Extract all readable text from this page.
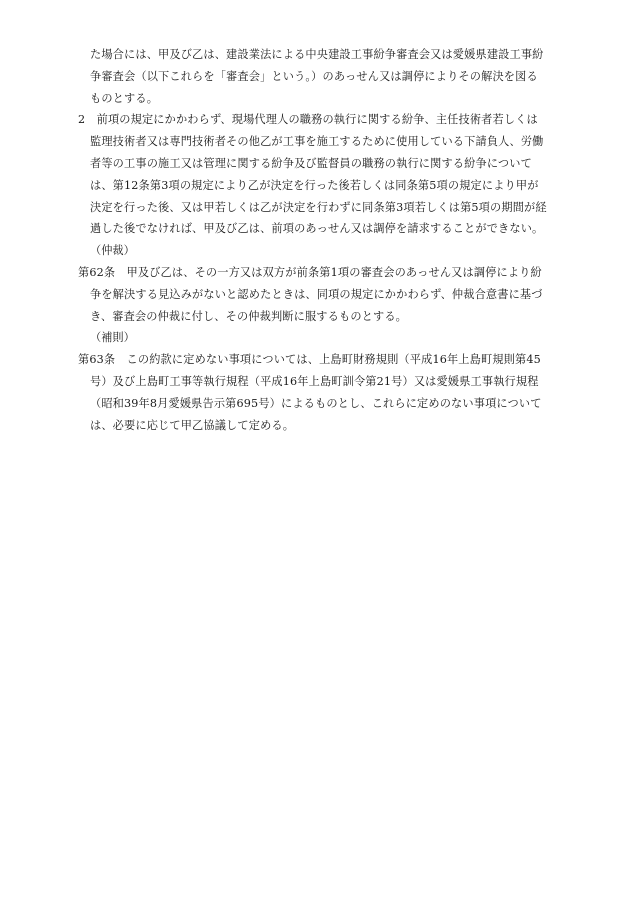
た場合には、甲及び乙は、建設業法による中央建設工事紛争審査会又は愛媛県建設工事紛争審査会（以下これらを「審査会」という。）のあっせん又は調停によりその解決を図るものとする。

2　前項の規定にかかわらず、現場代理人の職務の執行に関する紛争、主任技術者若しくは監理技術者又は専門技術者その他乙が工事を施工するために使用している下請負人、労働者等の工事の施工又は管理に関する紛争及び監督員の職務の執行に関する紛争については、第12条第3項の規定により乙が決定を行った後若しくは同条第5項の規定により甲が決定を行った後、又は甲若しくは乙が決定を行わずに同条第3項若しくは第5項の期間が経過した後でなければ、甲及び乙は、前項のあっせん又は調停を請求することができない。

（仲裁）

第62条　甲及び乙は、その一方又は双方が前条第1項の審査会のあっせん又は調停により紛争を解決する見込みがないと認めたときは、同項の規定にかかわらず、仲裁合意書に基づき、審査会の仲裁に付し、その仲裁判断に服するものとする。

（補則）

第63条　この約款に定めない事項については、上島町財務規則（平成16年上島町規則第45号）及び上島町工事等執行規程（平成16年上島町訓令第21号）又は愛媛県工事執行規程（昭和39年8月愛媛県告示第695号）によるものとし、これらに定めのない事項については、必要に応じて甲乙協議して定める。
